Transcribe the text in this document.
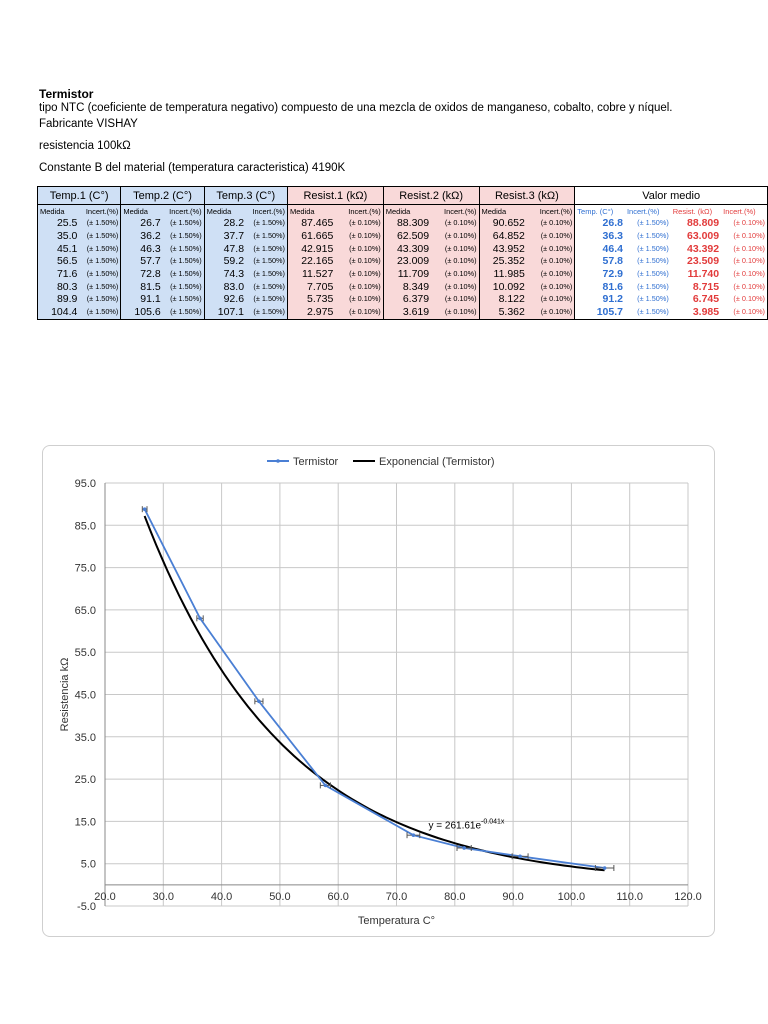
Termistor
tipo NTC (coeficiente de temperatura negativo) compuesto de una mezcla de oxidos de manganeso, cobalto, cobre y níquel.
Fabricante VISHAY
resistencia 100kΩ
Constante B del material (temperatura caracteristica) 4190K
Temp.1 (C°)		Temp.2 (C°)		Temp.3 (C°)		Resist.1 (kΩ)		Resist.2 (kΩ)		Resist.3 (kΩ)		Valor medio			
Medida	Incert.(%)	Medida	Incert.(%)	Medida	Incert.(%)	Medida	Incert.(%)	Medida	Incert.(%)	Medida	Incert.(%)	Temp. (C°)	Incert.(%)	Resist. (kΩ)	Incert.(%)
25.5	(± 1.50%)	26.7	(± 1.50%)	28.2	(± 1.50%)	87.465	(± 0.10%)	88.309	(± 0.10%)	90.652	(± 0.10%)	26.8	(± 1.50%)	88.809	(± 0.10%)
35.0	(± 1.50%)	36.2	(± 1.50%)	37.7	(± 1.50%)	61.665	(± 0.10%)	62.509	(± 0.10%)	64.852	(± 0.10%)	36.3	(± 1.50%)	63.009	(± 0.10%)
45.1	(± 1.50%)	46.3	(± 1.50%)	47.8	(± 1.50%)	42.915	(± 0.10%)	43.309	(± 0.10%)	43.952	(± 0.10%)	46.4	(± 1.50%)	43.392	(± 0.10%)
56.5	(± 1.50%)	57.7	(± 1.50%)	59.2	(± 1.50%)	22.165	(± 0.10%)	23.009	(± 0.10%)	25.352	(± 0.10%)	57.8	(± 1.50%)	23.509	(± 0.10%)
71.6	(± 1.50%)	72.8	(± 1.50%)	74.3	(± 1.50%)	11.527	(± 0.10%)	11.709	(± 0.10%)	11.985	(± 0.10%)	72.9	(± 1.50%)	11.740	(± 0.10%)
80.3	(± 1.50%)	81.5	(± 1.50%)	83.0	(± 1.50%)	7.705	(± 0.10%)	8.349	(± 0.10%)	10.092	(± 0.10%)	81.6	(± 1.50%)	8.715	(± 0.10%)
89.9	(± 1.50%)	91.1	(± 1.50%)	92.6	(± 1.50%)	5.735	(± 0.10%)	6.379	(± 0.10%)	8.122	(± 0.10%)	91.2	(± 1.50%)	6.745	(± 0.10%)
104.4	(± 1.50%)	105.6	(± 1.50%)	107.1	(± 1.50%)	2.975	(± 0.10%)	3.619	(± 0.10%)	5.362	(± 0.10%)	105.7	(± 1.50%)	3.985	(± 0.10%)
20.0	30.0	40.0	50.0	60.0	70.0	80.0	90.0	100.0	110.0	120.0
95.0
85.0
75.0
65.0
55.0
45.0
35.0
25.0
15.0
5.0
-5.0
Temperatura C°
Resistencia kΩ
$y = 261.61e^{-0.041x}$
Termistor	Exponencial (Termistor)
